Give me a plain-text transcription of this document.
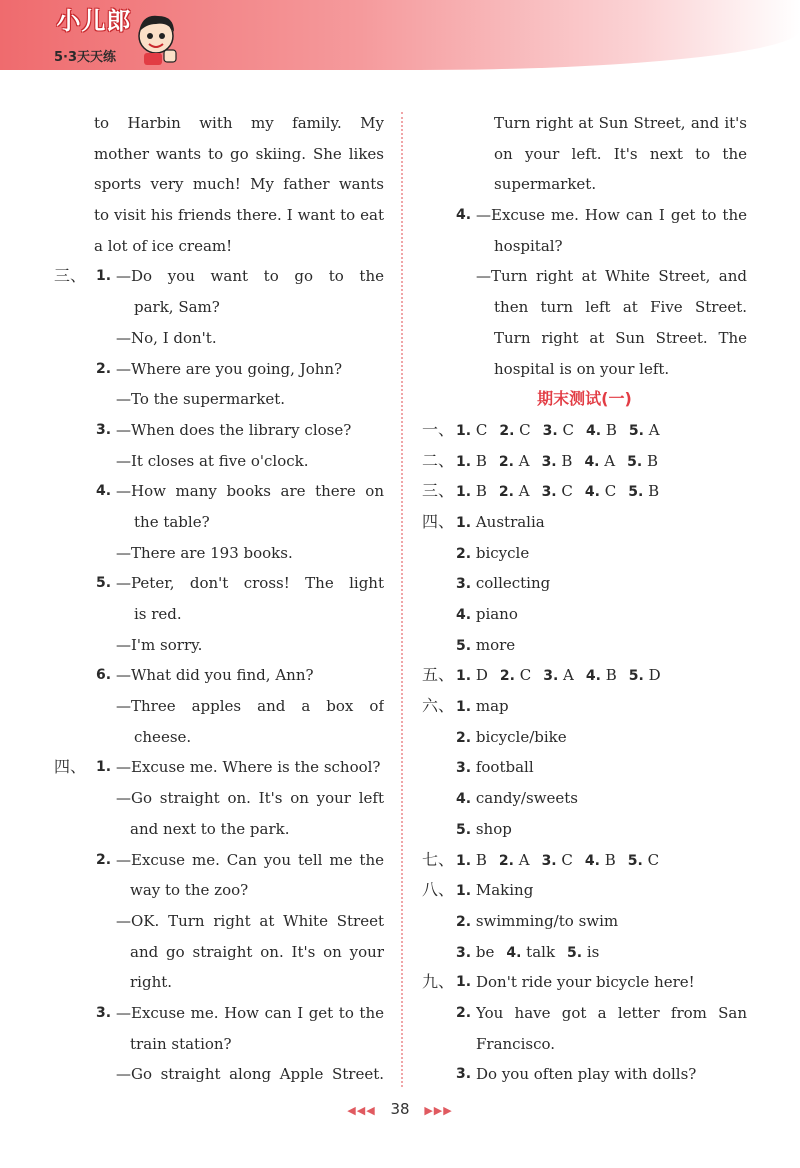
小儿郎
5·3天天练
to Harbin with my family. My
mother wants to go skiing. She likes
sports very much! My father wants
to visit his friends there. I want to eat
a lot of ice cream!
三、 1. —Do you want to go to the
park, Sam?
—No, I don't.
2. —Where are you going, John?
—To the supermarket.
3. —When does the library close?
—It closes at five o'clock.
4. —How many books are there on
the table?
—There are 193 books.
5. —Peter, don't cross! The light
is red.
—I'm sorry.
6. —What did you find, Ann?
—Three apples and a box of
cheese.
四、 1. —Excuse me. Where is the school?
—Go straight on. It's on your left
and next to the park.
2. —Excuse me. Can you tell me the
way to the zoo?
—OK. Turn right at White Street
and go straight on. It's on your
right.
3. —Excuse me. How can I get to the
train station?
—Go straight along Apple Street.
Turn right at Sun Street, and it's
on your left. It's next to the
supermarket.
4. —Excuse me. How can I get to the
hospital?
—Turn right at White Street, and
then turn left at Five Street.
Turn right at Sun Street. The
hospital is on your left.
期末测试(一)
一、 1. C 2. C 3. C 4. B 5. A
二、 1. B 2. A 3. B 4. A 5. B
三、 1. B 2. A 3. C 4. C 5. B
四、 1. Australia
2. bicycle
3. collecting
4. piano
5. more
五、 1. D 2. C 3. A 4. B 5. D
六、 1. map
2. bicycle/bike
3. football
4. candy/sweets
5. shop
七、 1. B 2. A 3. C 4. B 5. C
八、 1. Making
2. swimming/to swim
3. be 4. talk 5. is
九、 1. Don't ride your bicycle here!
2. You have got a letter from San
Francisco.
3. Do you often play with dolls?
◀◀◀ 38 ▶▶▶
